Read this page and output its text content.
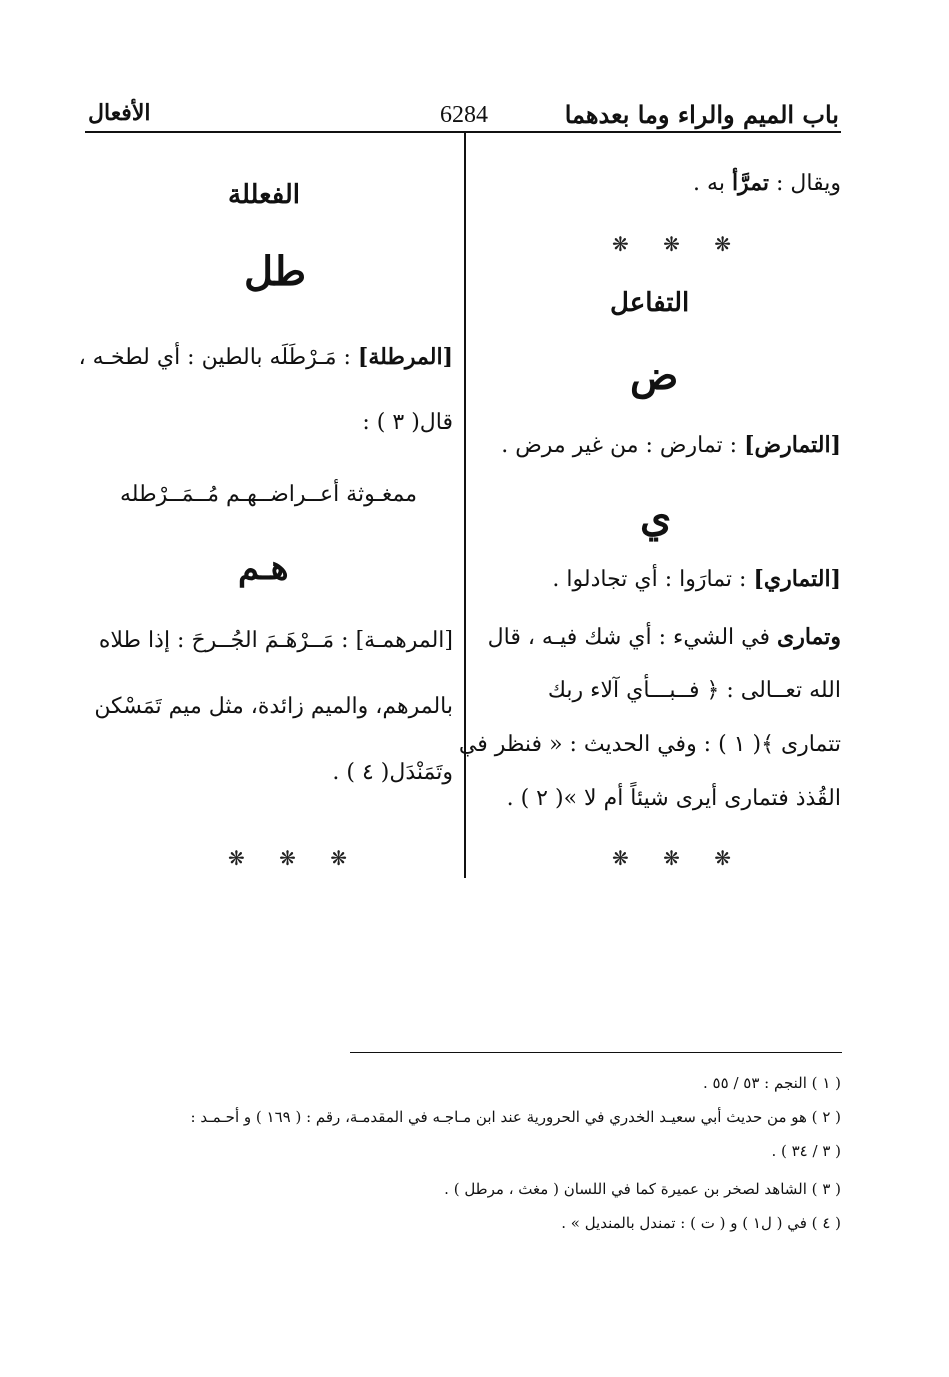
باب الميم والراء وما بعدهما
6284
الأفعال
ويقال : تمرَّأ به .
❋ ❋ ❋
التفاعل
ض
[التمارض] : تمارض : من غير مرض .
ي
[التماري] : تمارَوا : أي تجادلوا .
وتمارى في الشيء : أي شك فيـه ، قال
الله تعــالى : ﴿ فــبـــأي آلاء ربك
تتمارى ﴾( ١ ) : وفي الحديث : « فنظر في
القُذذ فتمارى أيرى شيئاً أم لا »( ٢ ) .
❋ ❋ ❋
الفعللة
طل
[المرطلة] : مَـرْطَلَه بالطين : أي لطخـه ،
قال( ٣ ) :
ممغـوثة أعــراضــهـم مُــمَــرْطله
هـم
[المرهمـة] : مَــرْهَـمَ الجُــرحَ : إذا طلاه
بالمرهم، والميم زائدة، مثل ميم تَمَسْكن
وتَمَنْدَل( ٤ ) .
❋ ❋ ❋
( ١ ) النجم : ٥٣ / ٥٥ .
( ٢ ) هو من حديث أبي سعيـد الخدري في الحرورية عند ابن مـاجـه في المقدمـة، رقم : ( ١٦٩ ) و أحـمـد :
( ٣ / ٣٤ ) .
( ٣ ) الشاهد لصخر بن عميرة كما في اللسان ( مغث ، مرطل ) .
( ٤ ) في ( ل١ ) و ( ت ) : تمندل بالمنديل » .
